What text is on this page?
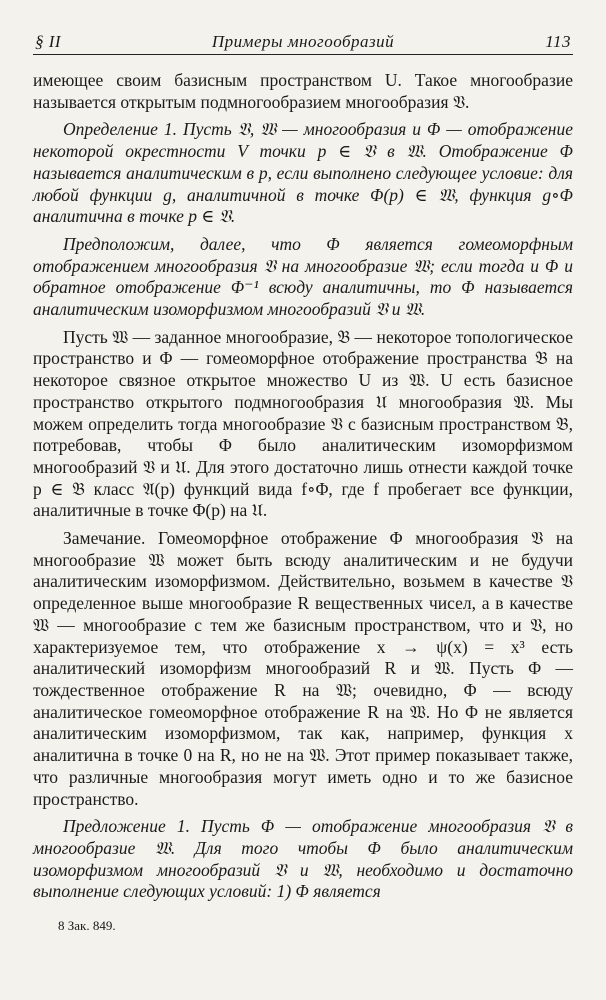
§ II	Примеры многообразий	113

имеющее своим базисным пространством U. Такое многообразие называется открытым подмногообразием многообразия 𝔙.

Определение 1. Пусть 𝔙, 𝔚 — многообразия и Φ — отображение некоторой окрестности V точки p ∈ 𝔙 в 𝔚. Отображение Φ называется аналитическим в p, если выполнено следующее условие: для любой функции g, аналитичной в точке Φ(p) ∈ 𝔚, функция g∘Φ аналитична в точке p ∈ 𝔙.

Предположим, далее, что Φ является гомеоморфным отображением многообразия 𝔙 на многообразие 𝔚; если тогда и Φ и обратное отображение Φ⁻¹ всюду аналитичны, то Φ называется аналитическим изоморфизмом многообразий 𝔙 и 𝔚.

Пусть 𝔚 — заданное многообразие, 𝔅 — некоторое топологическое пространство и Φ — гомеоморфное отображение пространства 𝔅 на некоторое связное открытое множество U из 𝔚. U есть базисное пространство открытого подмногообразия 𝔘 многообразия 𝔚. Мы можем определить тогда многообразие 𝔙 с базисным пространством 𝔅, потребовав, чтобы Φ было аналитическим изоморфизмом многообразий 𝔙 и 𝔘. Для этого достаточно лишь отнести каждой точке p ∈ 𝔅 класс 𝔄(p) функций вида f∘Φ, где f пробегает все функции, аналитичные в точке Φ(p) на 𝔘.

Замечание. Гомеоморфное отображение Φ многообразия 𝔙 на многообразие 𝔚 может быть всюду аналитическим и не будучи аналитическим изоморфизмом. Действительно, возьмем в качестве 𝔙 определенное выше многообразие R вещественных чисел, а в качестве 𝔚 — многообразие с тем же базисным пространством, что и 𝔙, но характеризуемое тем, что отображение x → ψ(x) = x³ есть аналитический изоморфизм многообразий R и 𝔚. Пусть Φ — тождественное отображение R на 𝔚; очевидно, Φ — всюду аналитическое гомеоморфное отображение R на 𝔚. Но Φ не является аналитическим изоморфизмом, так как, например, функция x аналитична в точке 0 на R, но не на 𝔚. Этот пример показывает также, что различные многообразия могут иметь одно и то же базисное пространство.

Предложение 1. Пусть Φ — отображение многообразия 𝔙 в многообразие 𝔚. Для того чтобы Φ было аналитическим изоморфизмом многообразий 𝔙 и 𝔚, необходимо и достаточно выполнение следующих условий: 1) Φ является

8 Зак. 849.
